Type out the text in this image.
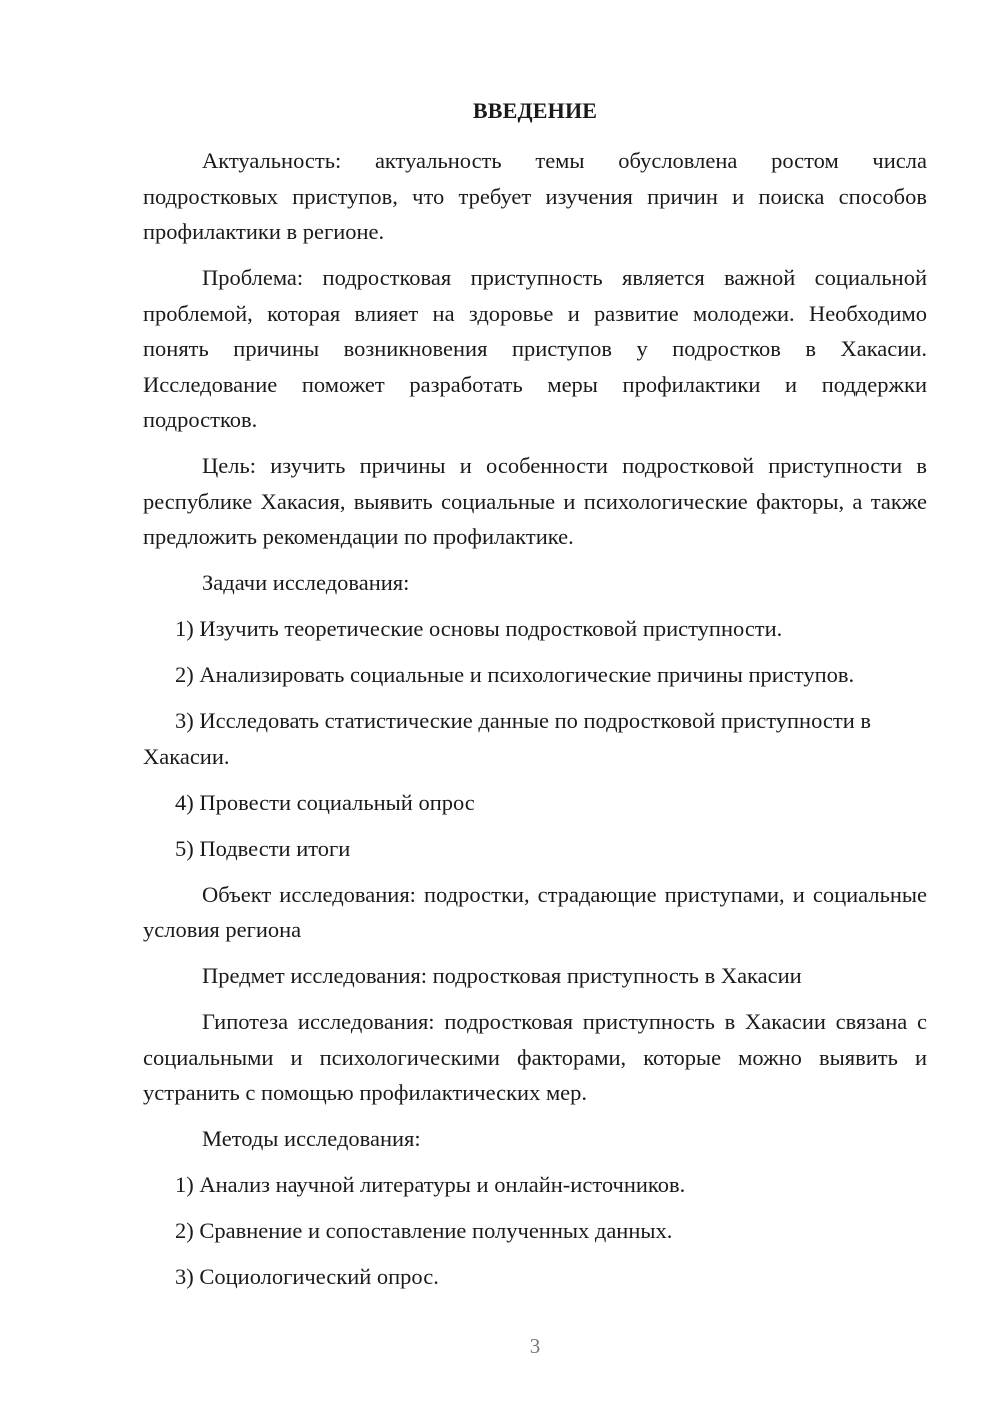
ВВЕДЕНИЕ

Актуальность: актуальность темы обусловлена ростом числа подростковых приступов, что требует изучения причин и поиска способов профилактики в регионе.

Проблема: подростковая приступность является важной социальной проблемой, которая влияет на здоровье и развитие молодежи. Необходимо понять причины возникновения приступов у подростков в Хакасии. Исследование поможет разработать меры профилактики и поддержки подростков.

Цель: изучить причины и особенности подростковой приступности в республике Хакасия, выявить социальные и психологические факторы, а также предложить рекомендации по профилактике.

Задачи исследования:

1) Изучить теоретические основы подростковой приступности.

2) Анализировать социальные и психологические причины приступов.

3) Исследовать статистические данные по подростковой приступности в Хакасии.

4) Провести социальный опрос

5) Подвести итоги

Объект исследования: подростки, страдающие приступами, и социальные условия региона

Предмет исследования: подростковая приступность в Хакасии

Гипотеза исследования: подростковая приступность в Хакасии связана с социальными и психологическими факторами, которые можно выявить и устранить с помощью профилактических мер.

Методы исследования:

1) Анализ научной литературы и онлайн-источников.

2) Сравнение и сопоставление полученных данных.

3) Социологический опрос.

3
